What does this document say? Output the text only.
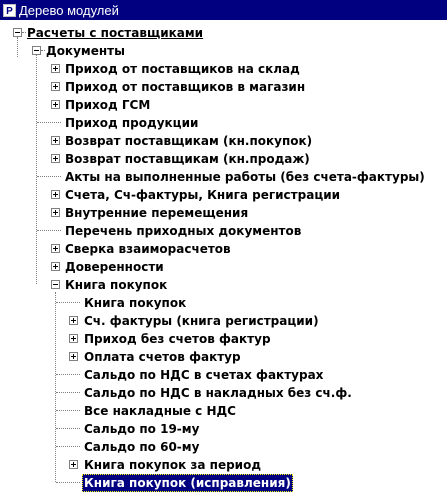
P Дерево модулей
Расчеты с поставщиками
Документы
Приход от поставщиков на склад
Приход от поставщиков в магазин
Приход ГСМ
Приход продукции
Возврат поставщикам (кн.покупок)
Возврат поставщикам (кн.продаж)
Акты на выполненные работы (без счета-фактуры)
Счета, Сч-фактуры, Книга регистрации
Внутренние перемещения
Перечень приходных документов
Сверка взаиморасчетов
Доверенности
Книга покупок
Книга покупок
Сч. фактуры (книга регистрации)
Приход без счетов фактур
Оплата счетов фактур
Сальдо по НДС в счетах фактурах
Сальдо по НДС в накладных без сч.ф.
Все накладные с НДС
Сальдо по 19-му
Сальдо по 60-му
Книга покупок за период
Книга покупок (исправления)
